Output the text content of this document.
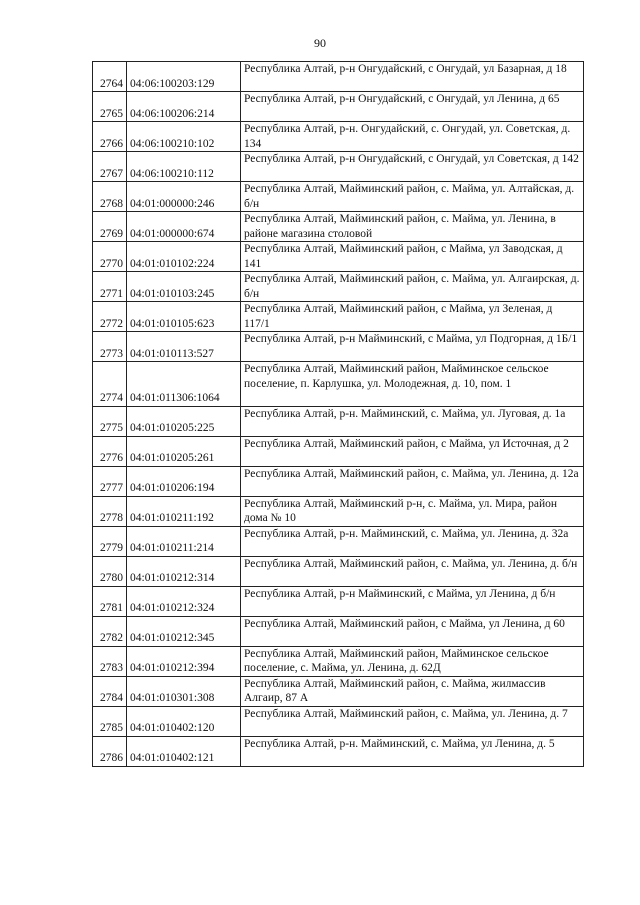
90
2764	04:06:100203:129	Республика Алтай, р-н Онгудайский, с Онгудай, ул Базарная, д 18
2765	04:06:100206:214	Республика Алтай, р-н Онгудайский, с Онгудай, ул Ленина, д 65
2766	04:06:100210:102	Республика Алтай, р-н. Онгудайский, с. Онгудай, ул. Советская, д. 134
2767	04:06:100210:112	Республика Алтай, р-н Онгудайский, с Онгудай, ул Советская, д 142
2768	04:01:000000:246	Республика Алтай, Майминский район, с. Майма, ул. Алтайская, д. б/н
2769	04:01:000000:674	Республика Алтай, Майминский район, с. Майма, ул. Ленина, в районе магазина столовой
2770	04:01:010102:224	Республика Алтай, Майминский район, с Майма, ул Заводская, д 141
2771	04:01:010103:245	Республика Алтай, Майминский район, с. Майма, ул. Алгаирская, д. б/н
2772	04:01:010105:623	Республика Алтай, Майминский район, с Майма, ул Зеленая, д 117/1
2773	04:01:010113:527	Республика Алтай, р-н Майминский, с Майма, ул Подгорная, д 1Б/1
2774	04:01:011306:1064	Республика Алтай, Майминский район, Майминское сельское поселение, п. Карлушка, ул. Молодежная, д. 10, пом. 1
2775	04:01:010205:225	Республика Алтай, р-н. Майминский, с. Майма, ул. Луговая, д. 1а
2776	04:01:010205:261	Республика Алтай, Майминский район, с Майма, ул Источная, д 2
2777	04:01:010206:194	Республика Алтай, Майминский район, с. Майма, ул. Ленина, д. 12а
2778	04:01:010211:192	Республика Алтай, Майминский р-н, с. Майма, ул. Мира, район дома № 10
2779	04:01:010211:214	Республика Алтай, р-н. Майминский, с. Майма, ул. Ленина, д. 32а
2780	04:01:010212:314	Республика Алтай, Майминский район, с. Майма, ул. Ленина, д. б/н
2781	04:01:010212:324	Республика Алтай, р-н Майминский, с Майма, ул Ленина, д б/н
2782	04:01:010212:345	Республика Алтай, Майминский район, с Майма, ул Ленина, д 60
2783	04:01:010212:394	Республика Алтай, Майминский район, Майминское сельское поселение, с. Майма, ул. Ленина, д. 62Д
2784	04:01:010301:308	Республика Алтай, Майминский район, с. Майма, жилмассив Алгаир, 87 А
2785	04:01:010402:120	Республика Алтай, Майминский район, с. Майма, ул. Ленина, д. 7
2786	04:01:010402:121	Республика Алтай, р-н. Майминский, с. Майма, ул Ленина, д. 5
